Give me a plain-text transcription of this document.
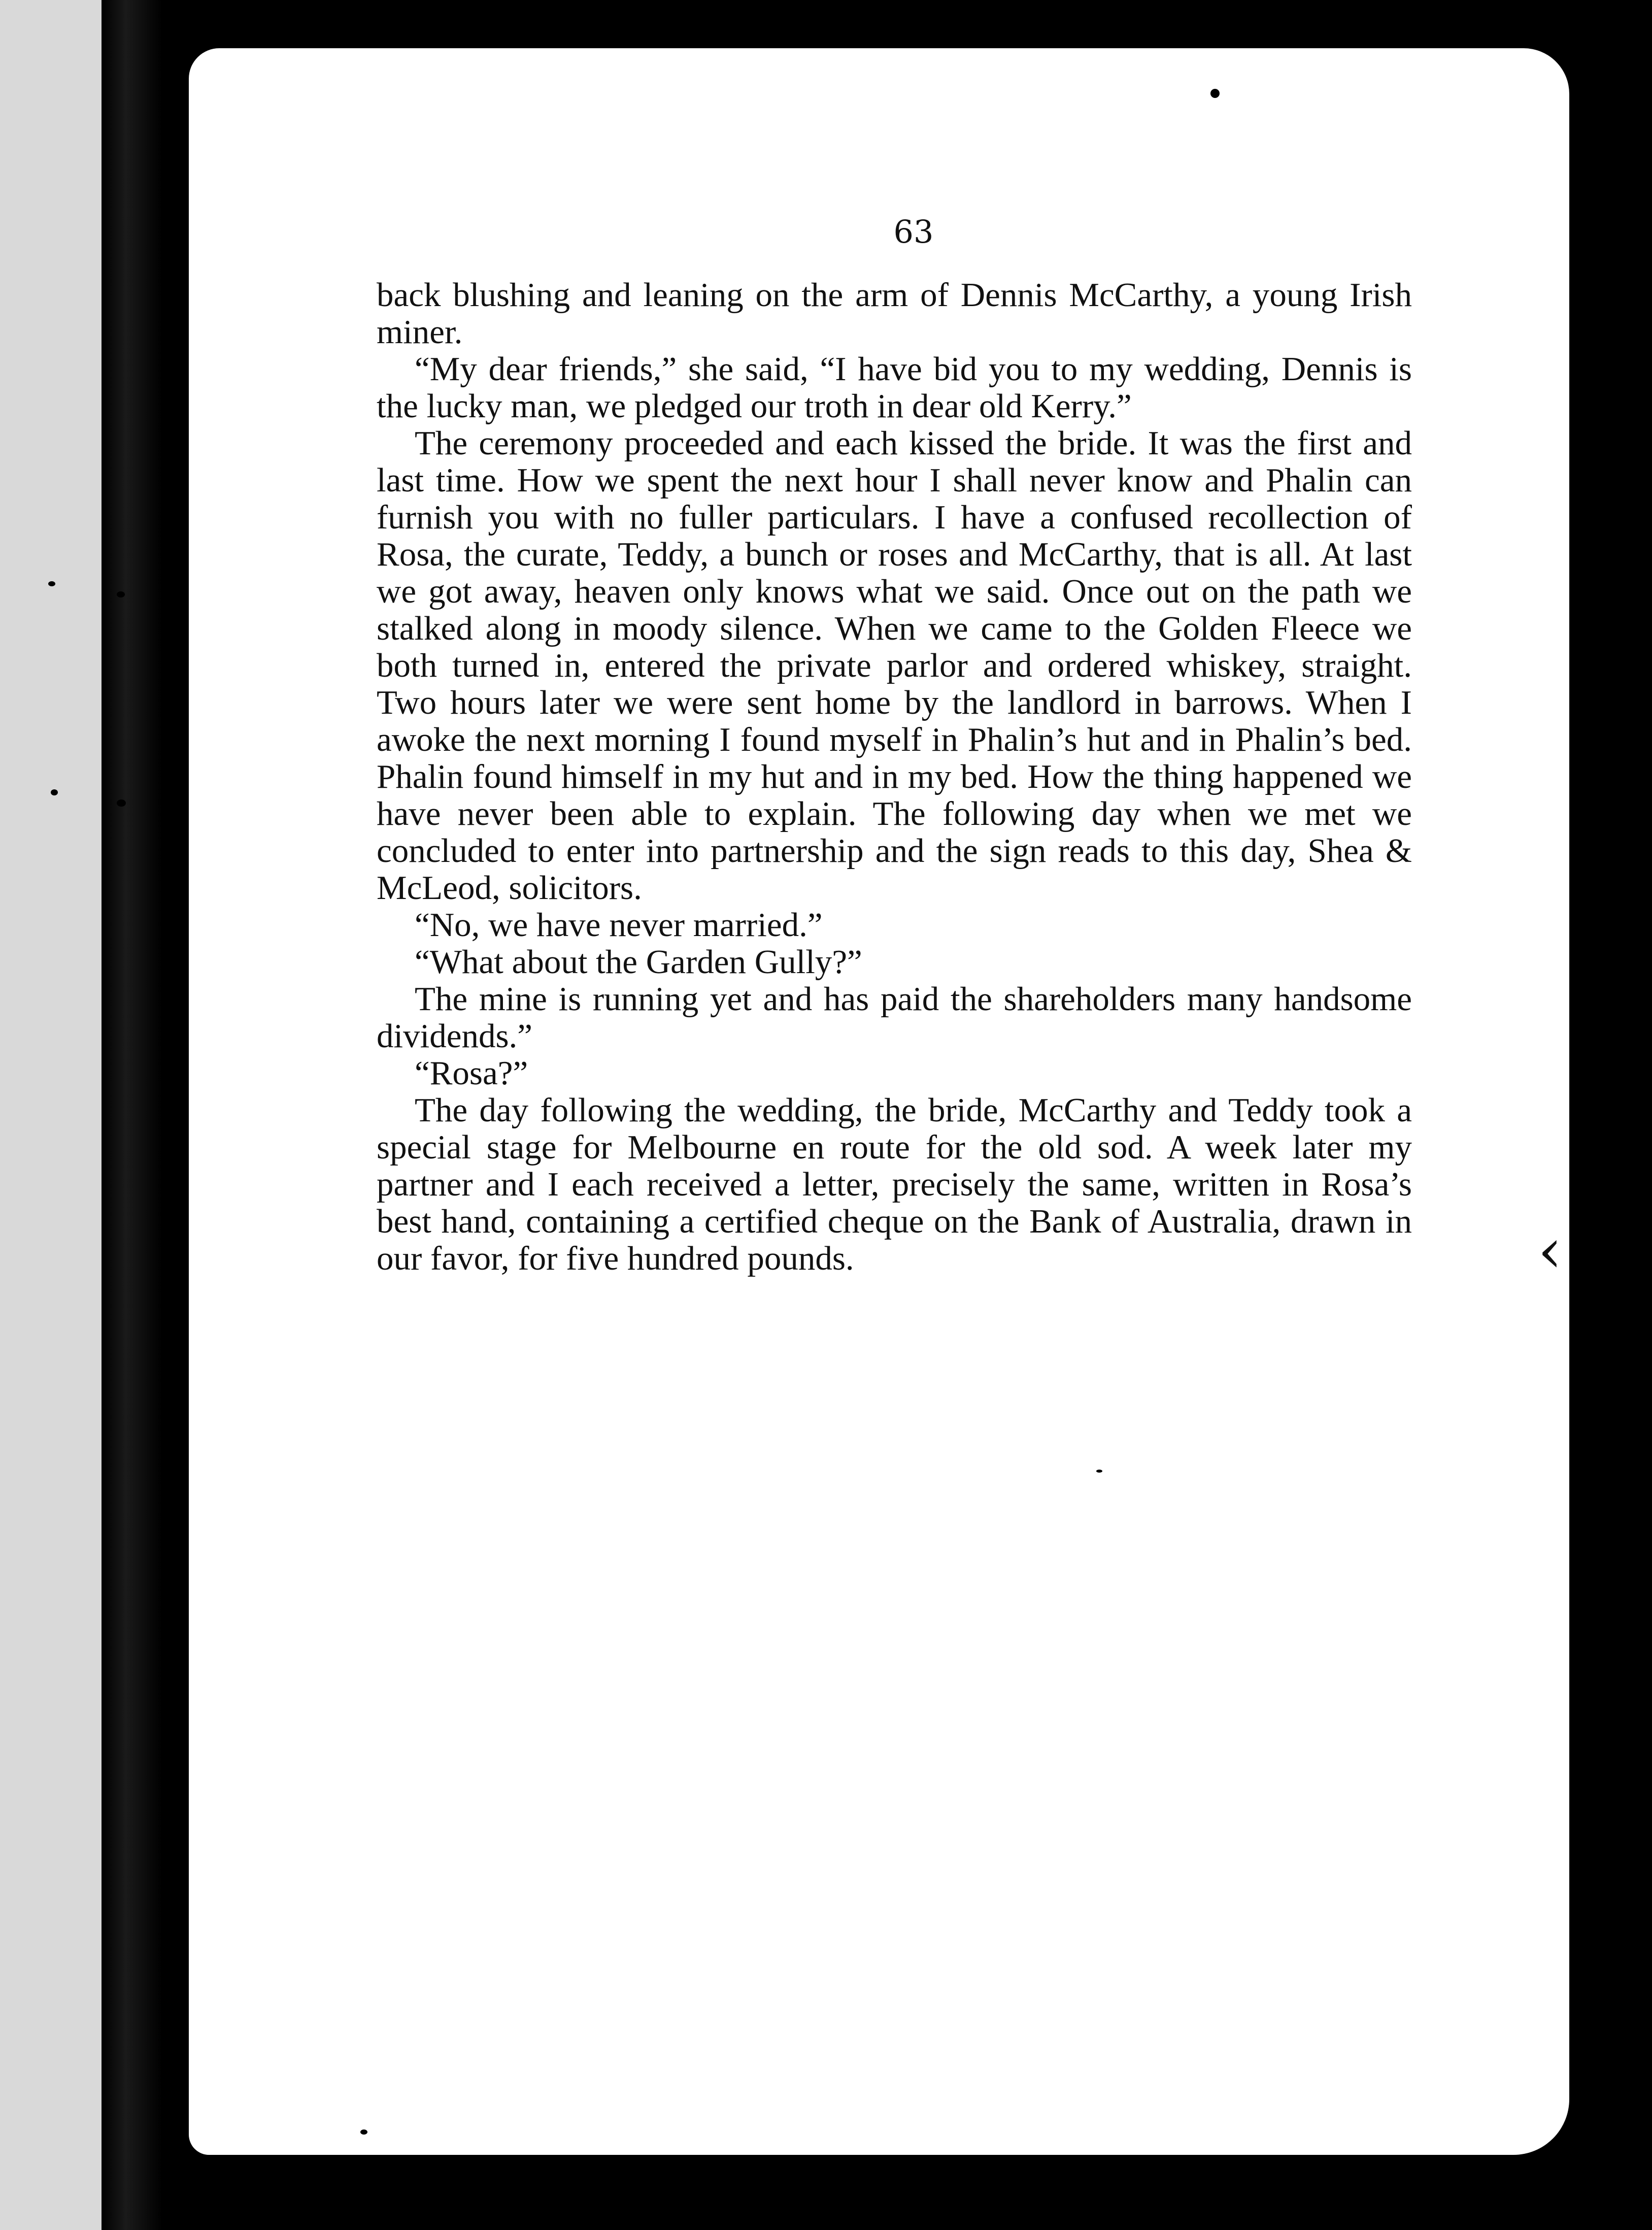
‹
63

back blushing and leaning on the arm of Dennis McCarthy, a young Irish miner.

“My dear friends,” she said, “I have bid you to my wedding, Dennis is the lucky man, we pledged our troth in dear old Kerry.”

The ceremony proceeded and each kissed the bride. It was the first and last time. How we spent the next hour I shall never know and Phalin can furnish you with no fuller particulars. I have a confused recollection of Rosa, the curate, Teddy, a bunch or roses and McCarthy, that is all. At last we got away, heaven only knows what we said. Once out on the path we stalked along in moody silence. When we came to the Golden Fleece we both turned in, entered the private parlor and ordered whiskey, straight. Two hours later we were sent home by the landlord in barrows. When I awoke the next morning I found myself in Phalin’s hut and in Phalin’s bed. Phalin found himself in my hut and in my bed. How the thing happened we have never been able to explain. The following day when we met we concluded to enter into partnership and the sign reads to this day, Shea & McLeod, solicitors.

“No, we have never married.”

“What about the Garden Gully?”

The mine is running yet and has paid the shareholders many handsome dividends.”

“Rosa?”

The day following the wedding, the bride, McCarthy and Teddy took a special stage for Melbourne en route for the old sod. A week later my partner and I each received a letter, precisely the same, written in Rosa’s best hand, containing a certified cheque on the Bank of Australia, drawn in our favor, for five hundred pounds.
